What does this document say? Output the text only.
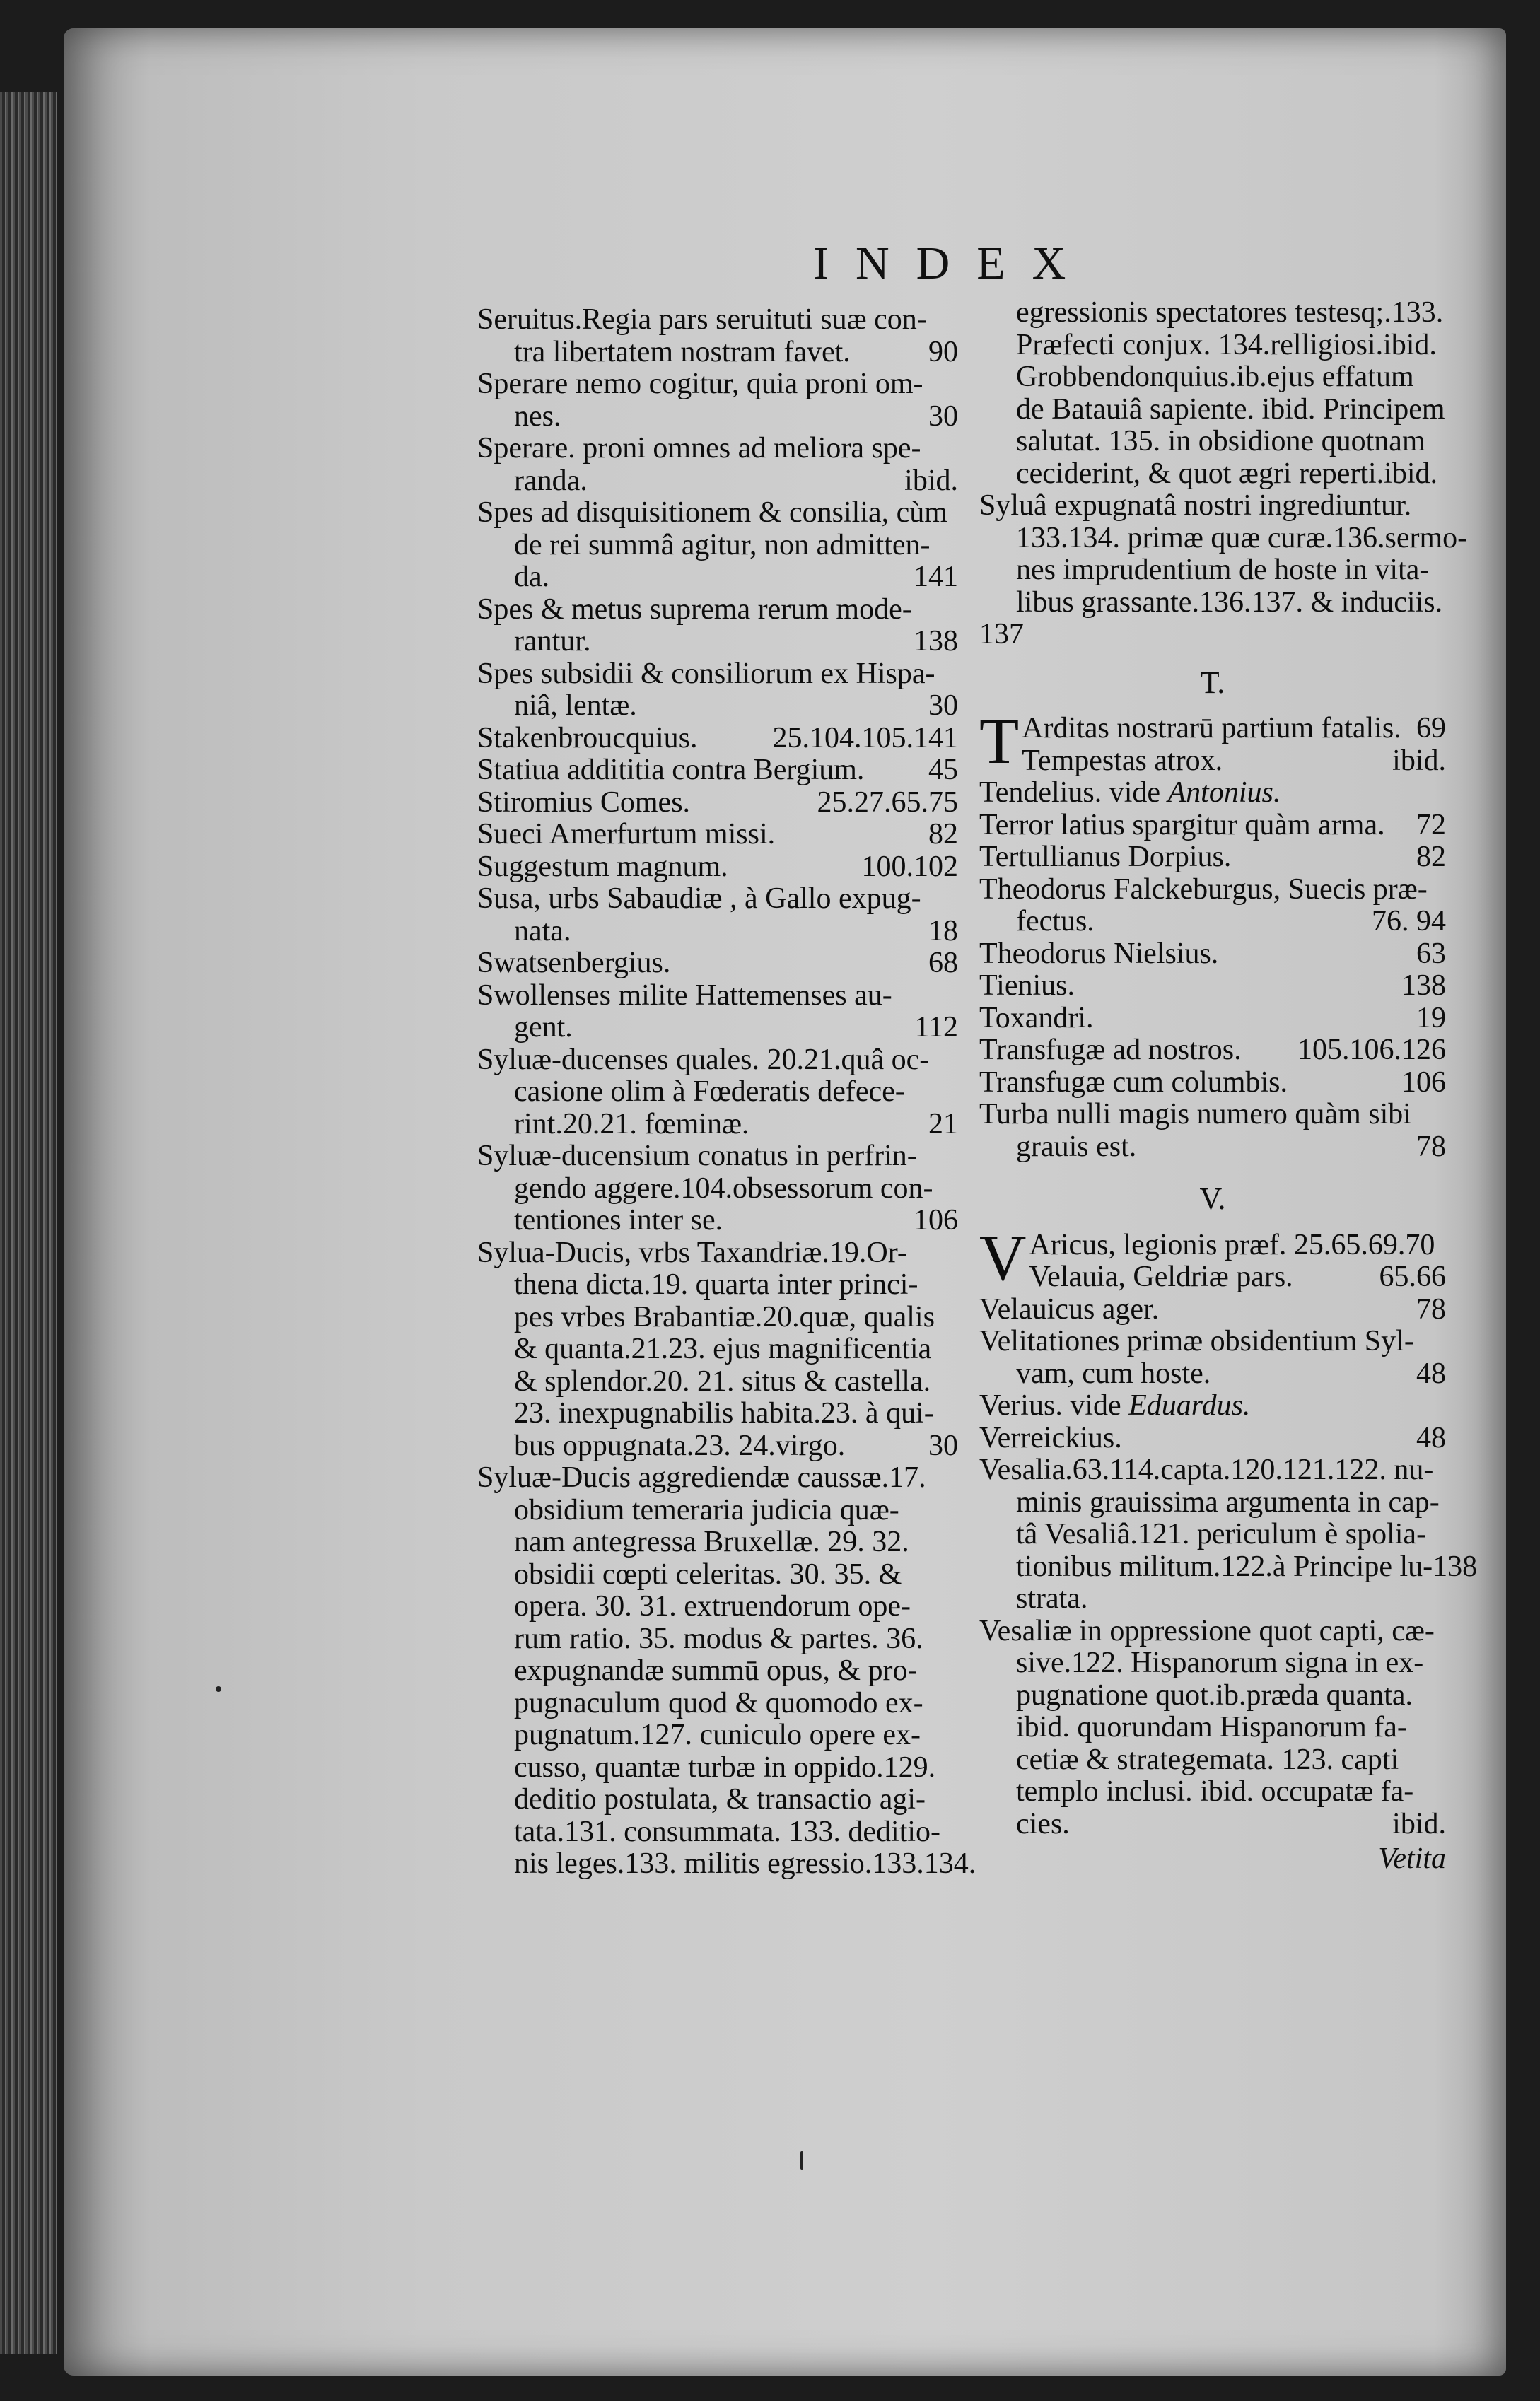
INDEX
Seruitus.Regia pars seruituti suæ con-
tra libertatem nostram favet.	90
Sperare nemo cogitur, quia proni om-
nes.	30
Sperare. proni omnes ad meliora spe-
randa.	ibid.
Spes ad disquisitionem & consilia, cùm
de rei summâ agitur, non admitten-
da.	141
Spes & metus suprema rerum mode-
rantur.	138
Spes subsidii & consiliorum ex Hispa-
niâ, lentæ.	30
Stakenbroucquius.	25.104.105.141
Statiua addititia contra Bergium. 45
Stiromius Comes.	25.27.65.75
Sueci Amerfurtum missi.	82
Suggestum magnum.	100.102
Susa, urbs Sabaudiæ , à Gallo expug-
nata.	18
Swatsenbergius.	68
Swollenses milite Hattemenses au-
gent.	112
Syluæ-ducenses quales. 20.21.quâ oc-
casione olim à Fœderatis defece-
rint.20.21. fœminæ.	21
Syluæ-ducensium conatus in perfrin-
gendo aggere.104.obsessorum con-
tentiones inter se.	106
Sylua-Ducis, vrbs Taxandriæ.19.Or-
thena dicta.19. quarta inter princi-
pes vrbes Brabantiæ.20.quæ, qualis
& quanta.21.23. ejus magnificentia
& splendor.20. 21. situs & castella.
23. inexpugnabilis habita.23. à qui-
bus oppugnata.23. 24.virgo.	30
Syluæ-Ducis aggrediendæ caussæ.17.
obsidium temeraria judicia quæ-
nam antegressa Bruxellæ. 29. 32.
obsidii cœpti celeritas. 30. 35. &
opera. 30. 31. extruendorum ope-
rum ratio. 35. modus & partes. 36.
expugnandæ summū opus, & pro-
pugnaculum quod & quomodo ex-
pugnatum.127. cuniculo opere ex-
cusso, quantæ turbæ in oppido.129.
deditio postulata, & transactio agi-
tata.131. consummata. 133. deditio-
nis leges.133. militis egressio.133.134.
egressionis spectatores testesq;.133.
Præfecti conjux. 134.relligiosi.ibid.
Grobbendonquius.ib.ejus effatum
de Batauiâ sapiente. ibid. Principem
salutat. 135. in obsidione quotnam
ceciderint, & quot ægri reperti.ibid.
Syluâ expugnatâ nostri ingrediuntur.
133.134. primæ quæ curæ.136.sermo-
nes imprudentium de hoste in vita-
libus grassante.136.137. & induciis.
137
T.
T Arditas nostrarū partium fatalis. 69
Tempestas atrox.	ibid.
Tendelius. vide Antonius.
Terror latius spargitur quàm arma. 72
Tertullianus Dorpius.	82
Theodorus Falckeburgus, Suecis præ-
fectus.	76. 94
Theodorus Nielsius.	63
Tienius.	138
Toxandri.	19
Transfugæ ad nostros. 105.106.126
Transfugæ cum columbis.	106
Turba nulli magis numero quàm sibi
grauis est.	78
V.
V Aricus, legionis præf. 25.65.69.70
Velauia, Geldriæ pars.	65.66
Velauicus ager.	78
Velitationes primæ obsidentium Syl-
vam, cum hoste.	48
Verius. vide Eduardus.
Verreickius.	48
Vesalia.63.114.capta.120.121.122. nu-
minis grauissima argumenta in cap-
tâ Vesaliâ.121. periculum è spolia-
tionibus militum.122.à Principe lu- 138
strata.
Vesaliæ in oppressione quot capti, cæ-
sive.122. Hispanorum signa in ex-
pugnatione quot.ib.præda quanta.
ibid. quorundam Hispanorum fa-
cetiæ & strategemata. 123. capti
templo inclusi. ibid. occupatæ fa-
cies.	ibid.
Vetita
